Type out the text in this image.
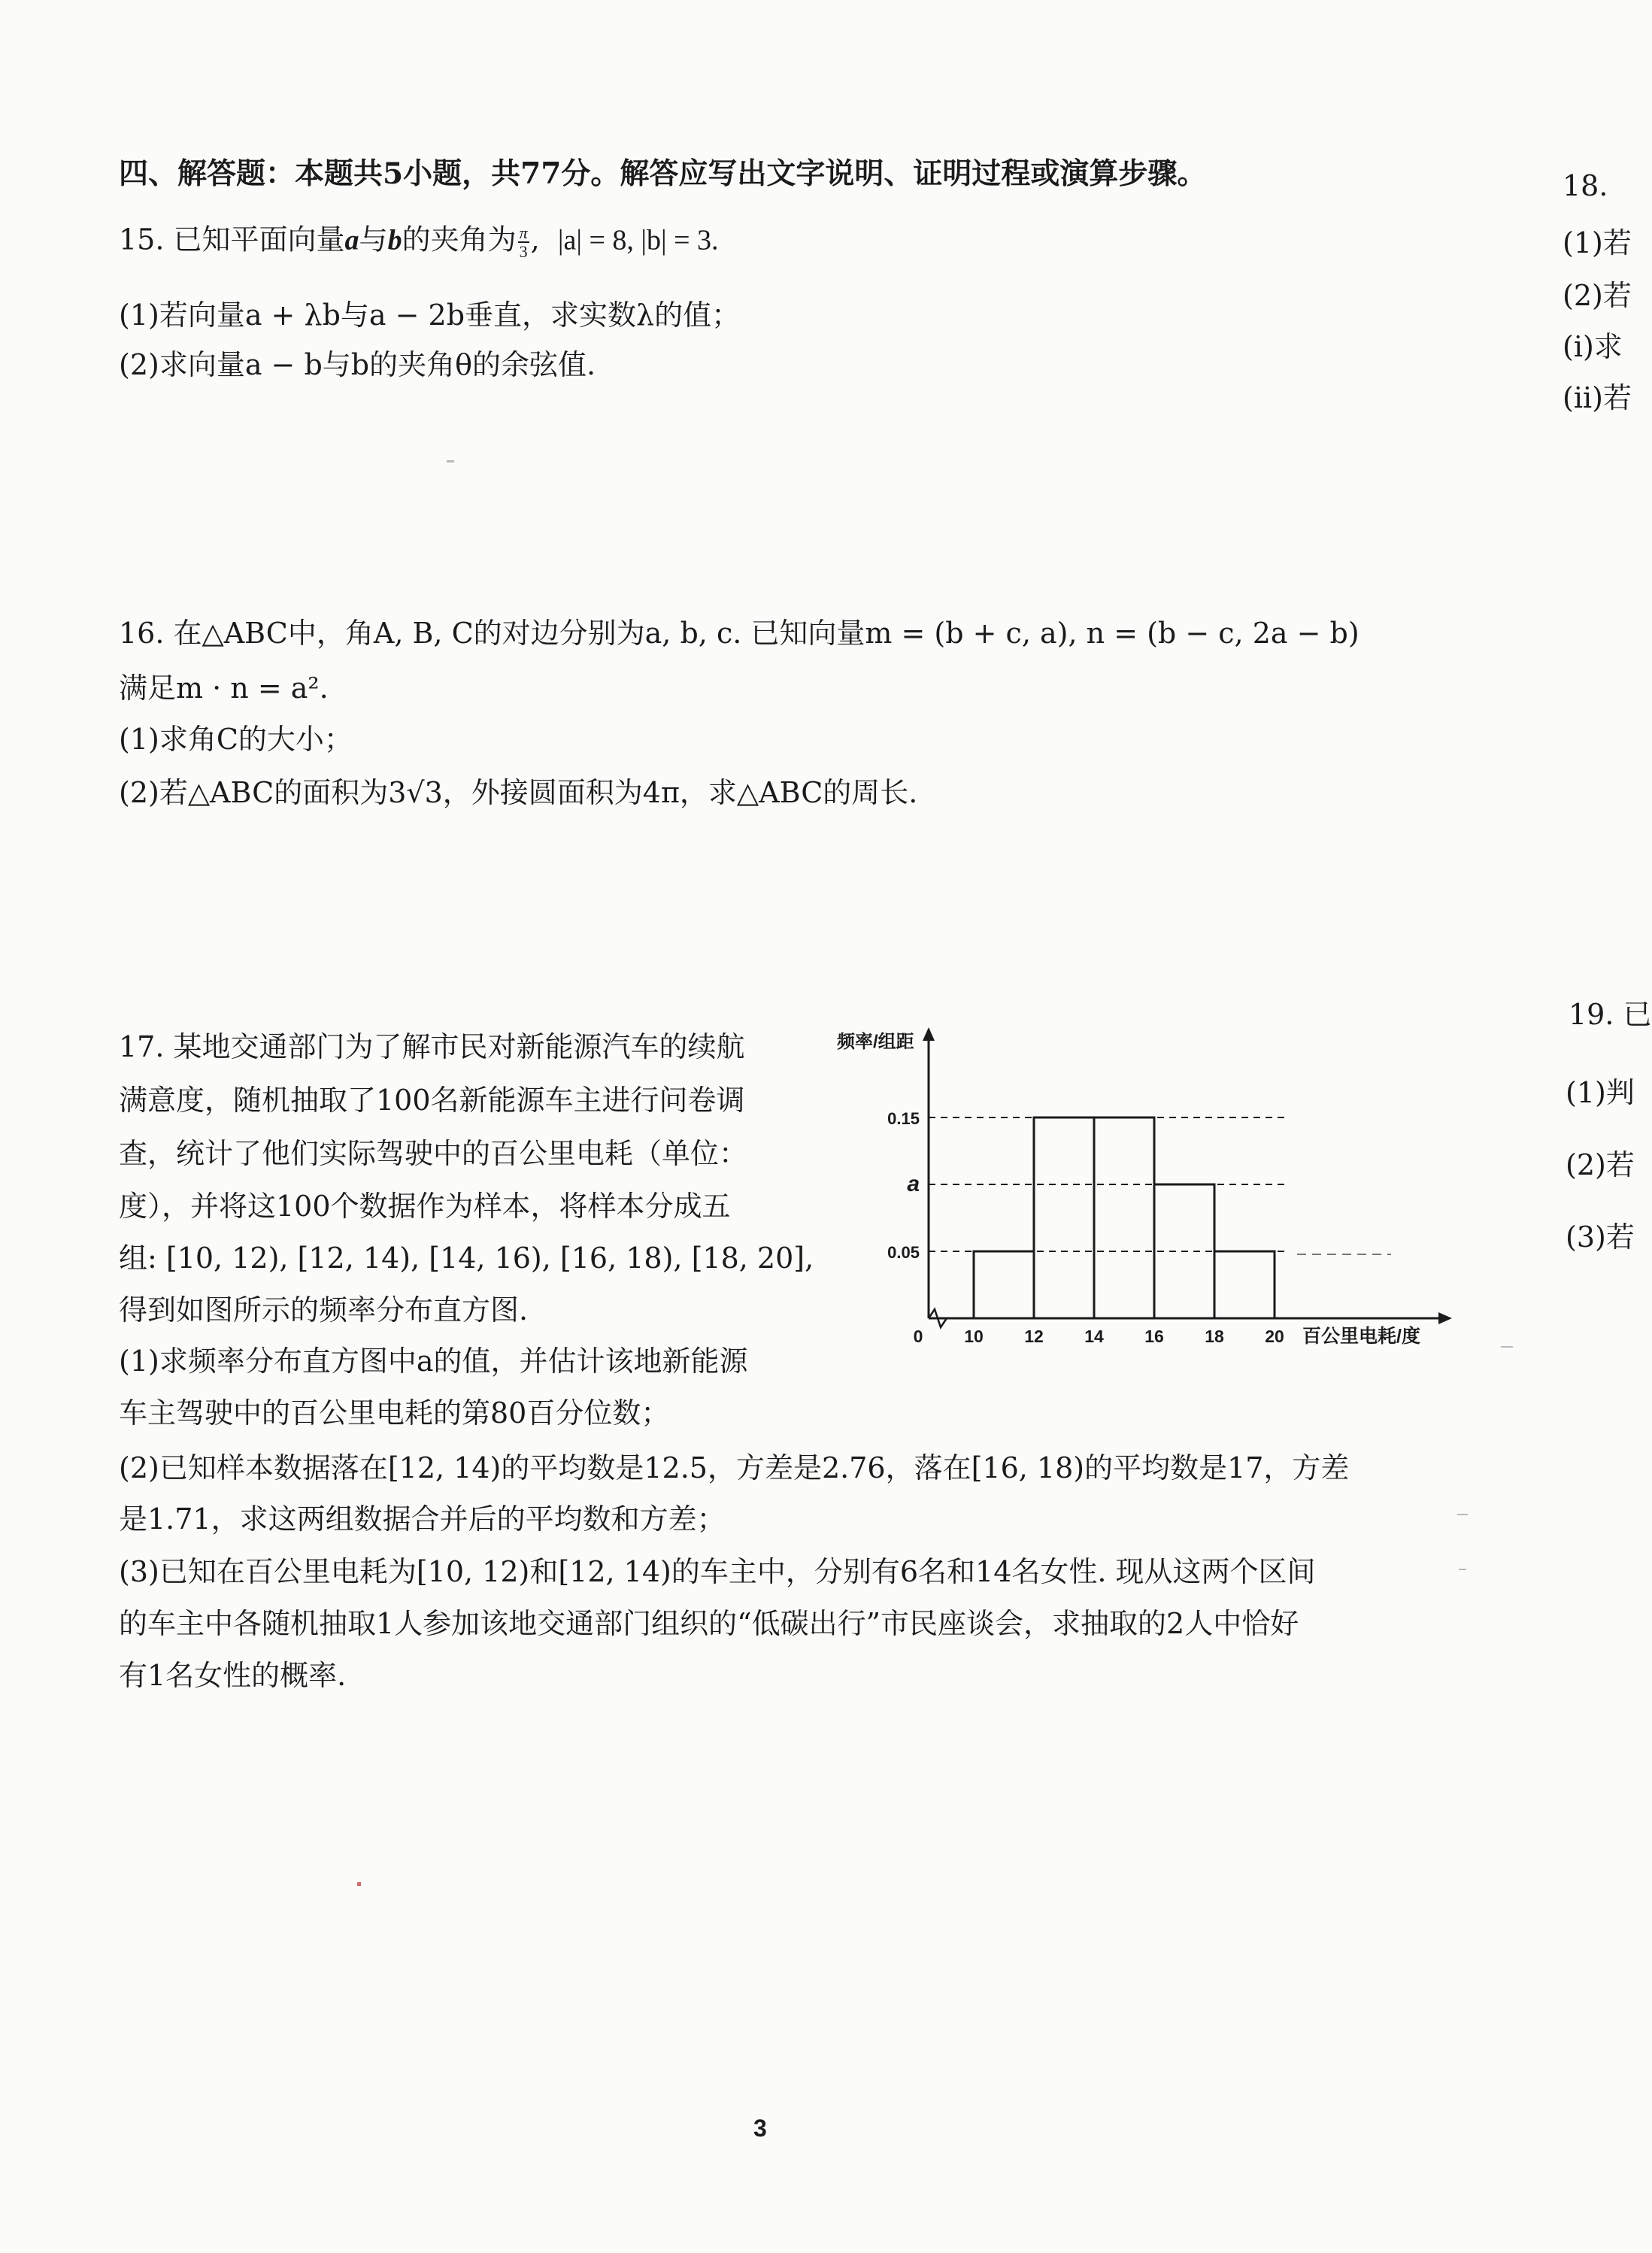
四、解答题：本题共5小题，共77分。解答应写出文字说明、证明过程或演算步骤。
15. 已知平面向量a与b的夹角为 $\frac{\pi}{3}$ ,  |a| = 8, |b| = 3.
(1)若向量a + λb与a − 2b垂直，求实数λ的值；
(2)求向量a − b与b的夹角θ的余弦值.
16. 在△ABC中，角A, B, C的对边分别为a, b, c. 已知向量m = (b + c, a), n = (b − c, 2a − b)
满足m · n = a².
(1)求角C的大小；
(2)若△ABC的面积为3√3，外接圆面积为4π，求△ABC的周长.
17. 某地交通部门为了解市民对新能源汽车的续航
满意度，随机抽取了100名新能源车主进行问卷调
查，统计了他们实际驾驶中的百公里电耗（单位：
度），并将这100个数据作为样本，将样本分成五
组: [10, 12), [12, 14), [14, 16), [16, 18), [18, 20],
得到如图所示的频率分布直方图.
(1)求频率分布直方图中a的值，并估计该地新能源
车主驾驶中的百公里电耗的第80百分位数；
(2)已知样本数据落在[12, 14)的平均数是12.5，方差是2.76，落在[16, 18)的平均数是17，方差
是1.71，求这两组数据合并后的平均数和方差；
(3)已知在百公里电耗为[10, 12)和[12, 14)的车主中，分别有6名和14名女性. 现从这两个区间
的车主中各随机抽取1人参加该地交通部门组织的“低碳出行”市民座谈会，求抽取的2人中恰好
有1名女性的概率.
0.05
a
0.15
0 10 12 14 16 18 20
频率/组距
百公里电耗/度
18.
(1)若
(2)若
(i)求
(ii)若
19. 已
(1)判
(2)若
(3)若
3
